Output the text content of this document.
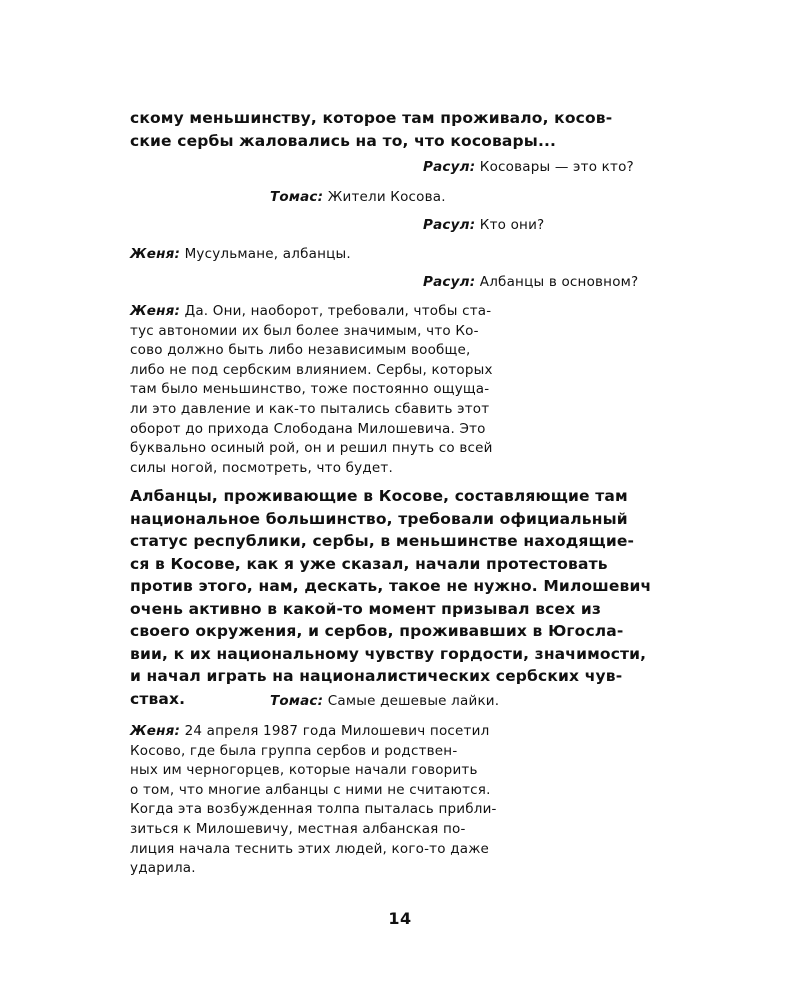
скому меньшинству, которое там проживало, косов-
ские сербы жаловались на то, что косовары...

Расул: Косовары — это кто?
Томас: Жители Косова.
Расул: Кто они?
Женя: Мусульмане, албанцы.
Расул: Албанцы в основном?
Женя: Да. Они, наоборот, требовали, чтобы ста-
тус автономии их был более значимым, что Ко-
сово должно быть либо независимым вообще,
либо не под сербским влиянием. Сербы, которых
там было меньшинство, тоже постоянно ощуща-
ли это давление и как-то пытались сбавить этот
оборот до прихода Слободана Милошевича. Это
буквально осиный рой, он и решил пнуть со всей
силы ногой, посмотреть, что будет.

Албанцы, проживающие в Косове, составляющие там
национальное большинство, требовали официальный
статус республики, сербы, в меньшинстве находящие-
ся в Косове, как я уже сказал, начали протестовать
против этого, нам, дескать, такое не нужно. Милошевич
очень активно в какой-то момент призывал всех из
своего окружения, и сербов, проживавших в Югосла-
вии, к их национальному чувству гордости, значимости,
и начал играть на националистических сербских чув-
ствах.	Томас: Самые дешевые лайки.
Женя: 24 апреля 1987 года Милошевич посетил
Косово, где была группа сербов и родствен-
ных им черногорцев, которые начали говорить
о том, что многие албанцы с ними не считаются.
Когда эта возбужденная толпа пыталась прибли-
зиться к Милошевичу, местная албанская по-
лиция начала теснить этих людей, кого-то даже
ударила.
14
